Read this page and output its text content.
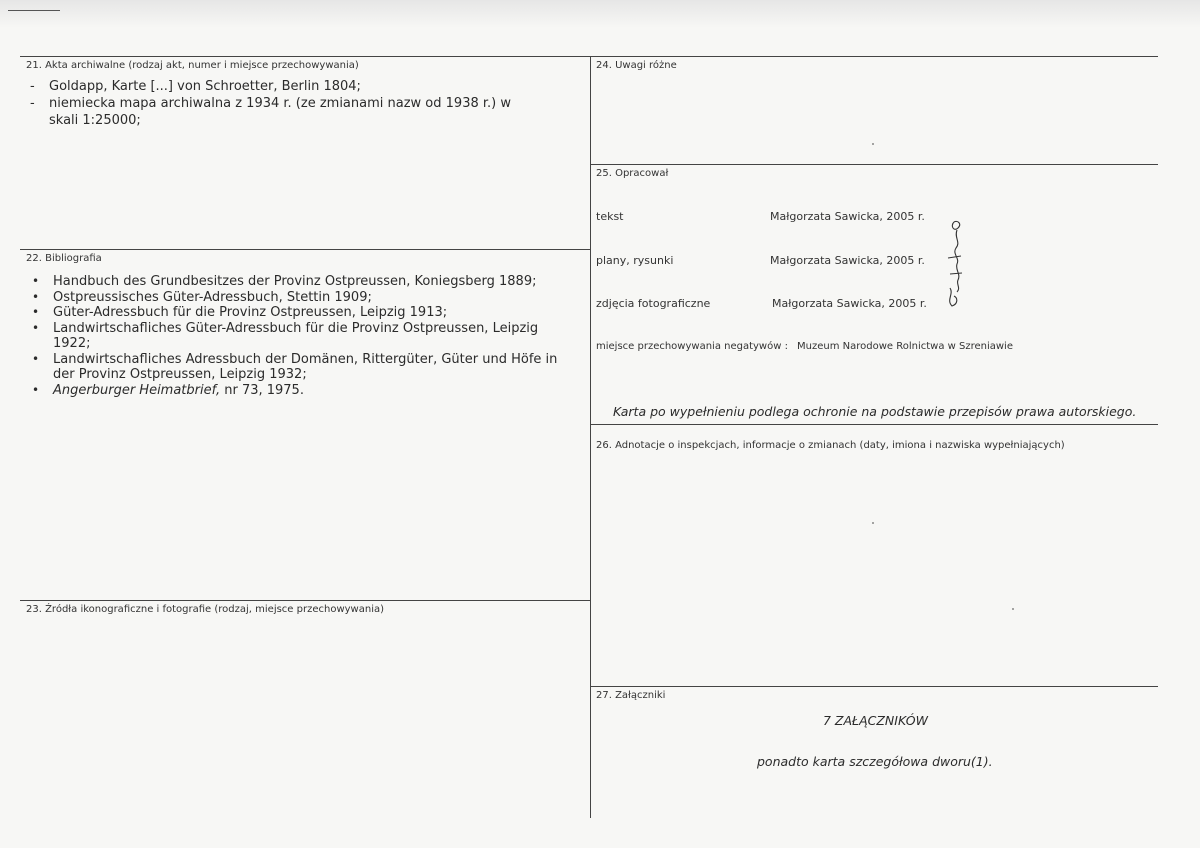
21. Akta archiwalne (rodzaj akt, numer i miejsce przechowywania)
- Goldapp, Karte [...] von Schroetter, Berlin 1804;
- niemiecka mapa archiwalna z 1934 r. (ze zmianami nazw od 1938 r.) w skali 1:25000;
22. Bibliografia
• Handbuch des Grundbesitzes der Provinz Ostpreussen, Koniegsberg 1889;
• Ostpreussisches Güter-Adressbuch, Stettin 1909;
• Güter-Adressbuch für die Provinz Ostpreussen, Leipzig 1913;
• Landwirtschafliches Güter-Adressbuch für die Provinz Ostpreussen, Leipzig 1922;
• Landwirtschafliches Adressbuch der Domänen, Rittergüter, Güter und Höfe in der Provinz Ostpreussen, Leipzig 1932;
• Angerburger Heimatbrief, nr 73, 1975.
23. Źródła ikonograficzne i fotografie (rodzaj, miejsce przechowywania)
24. Uwagi różne
25. Opracował
tekst	Małgorzata Sawicka, 2005 r.
plany, rysunki	Małgorzata Sawicka, 2005 r.
zdjęcia fotograficzne	Małgorzata Sawicka, 2005 r.
miejsce przechowywania negatywów : Muzeum Narodowe Rolnictwa w Szreniawie
Karta po wypełnieniu podlega ochronie na podstawie przepisów prawa autorskiego.
26. Adnotacje o inspekcjach, informacje o zmianach (daty, imiona i nazwiska wypełniających)
27. Załączniki
7 ZAŁĄCZNIKÓW
ponadto karta szczegółowa dworu(1).
